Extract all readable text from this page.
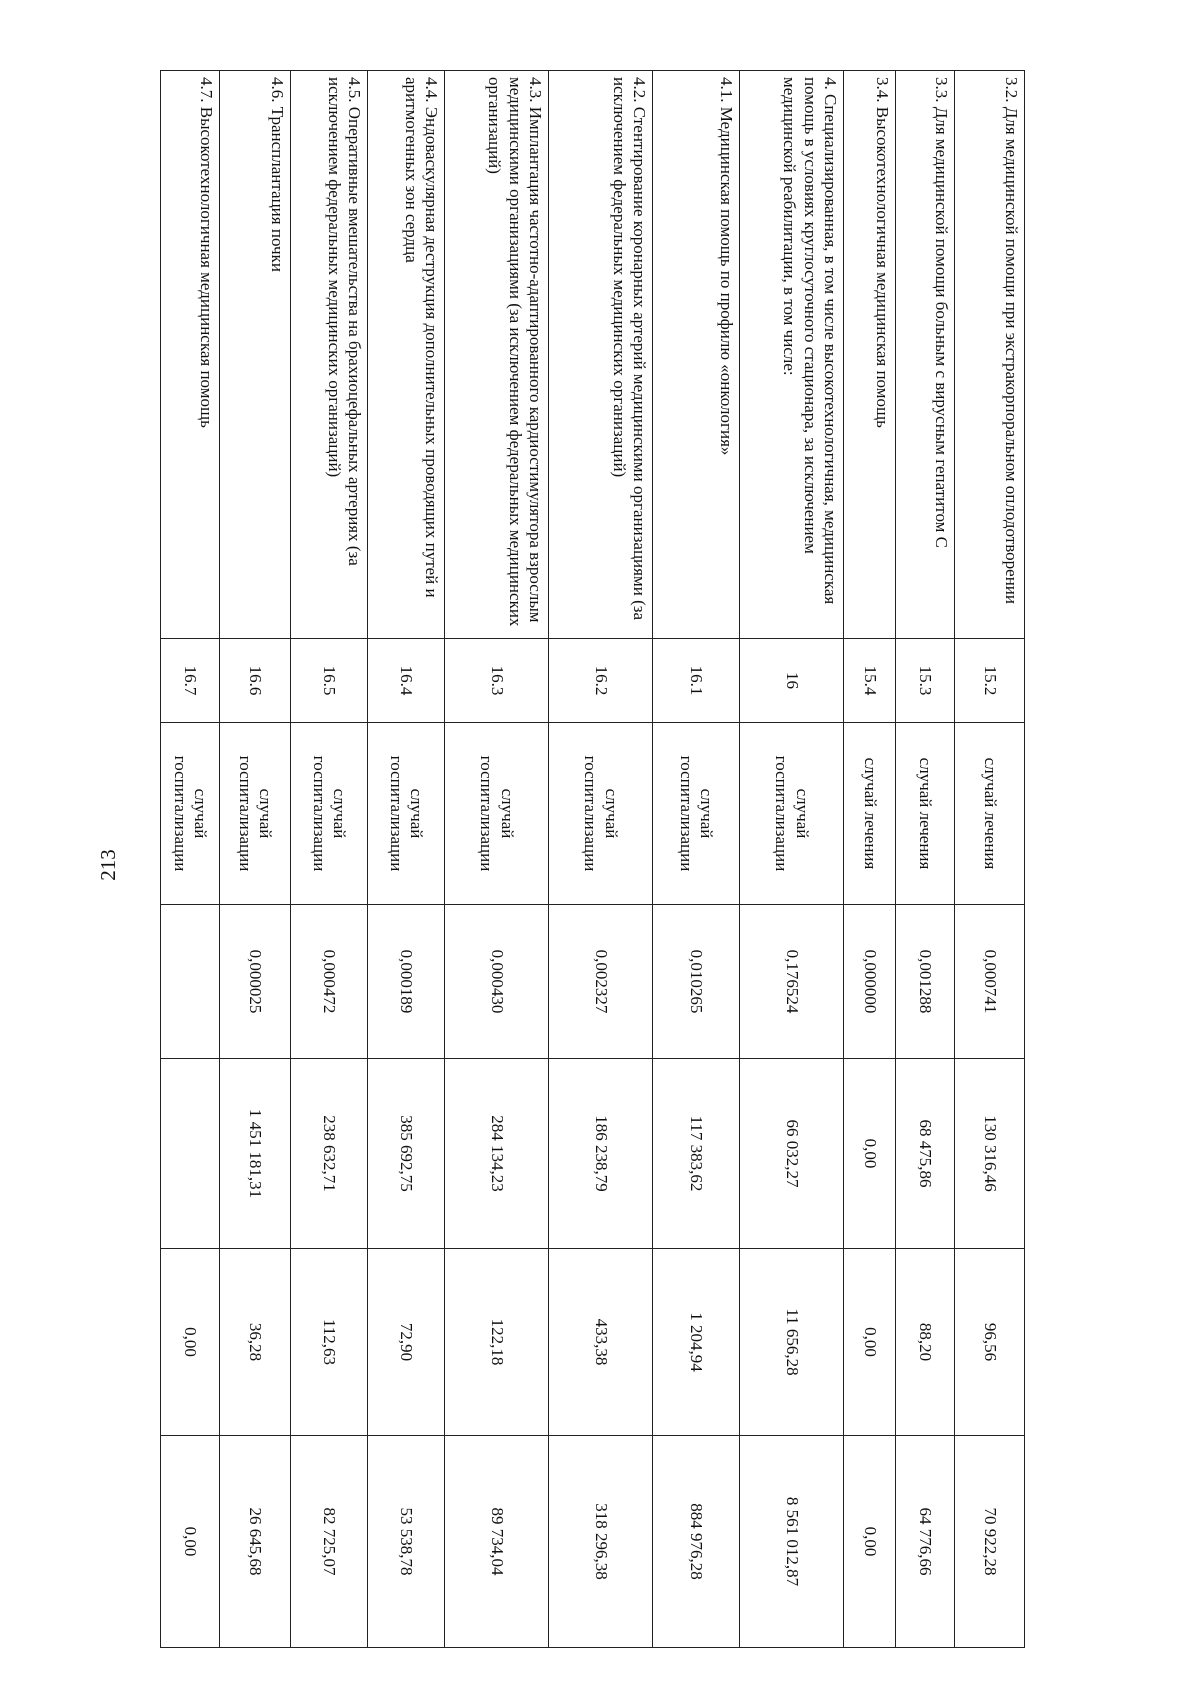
213
3.2. Для медицинской помощи при экстракорпоральном оплодотворении	15.2	случай лечения	0,000741	130 316,46	96,56	70 922,28
3.3. Для медицинской помощи больным с вирусным гепатитом С	15.3	случай лечения	0,001288	68 475,86	88,20	64 776,66
3.4. Высокотехнологичная медицинская помощь	15.4	случай лечения	0,000000	0,00	0,00	0,00
4. Специализированная, в том числе высокотехнологичная, медицинская помощь в условиях круглосуточного стационара, за исключением медицинской реабилитации, в том числе:	16	случай госпитализации	0,176524	66 032,27	11 656,28	8 561 012,87
4.1. Медицинская помощь по профилю «онкология»	16.1	случай госпитализации	0,010265	117 383,62	1 204,94	884 976,28
4.2. Стентирование коронарных артерий медицинскими организациями (за исключением федеральных медицинских организаций)	16.2	случай госпитализации	0,002327	186 238,79	433,38	318 296,38
4.3. Имплантация частотно-адаптированного кардиостимулятора взрослым медицинскими организациями (за исключением федеральных медицинских организаций)	16.3	случай госпитализации	0,000430	284 134,23	122,18	89 734,04
4.4. Эндоваскулярная деструкция дополнительных проводящих путей и аритмогенных зон сердца	16.4	случай госпитализации	0,000189	385 692,75	72,90	53 538,78
4.5. Оперативные вмешательства на брахиоцефальных артериях (за исключением федеральных медицинских организаций)	16.5	случай госпитализации	0,000472	238 632,71	112,63	82 725,07
4.6. Трансплантация почки	16.6	случай госпитализации	0,000025	1 451 181,31	36,28	26 645,68
4.7. Высокотехнологичная медицинская помощь	16.7	случай госпитализации			0,00	0,00
